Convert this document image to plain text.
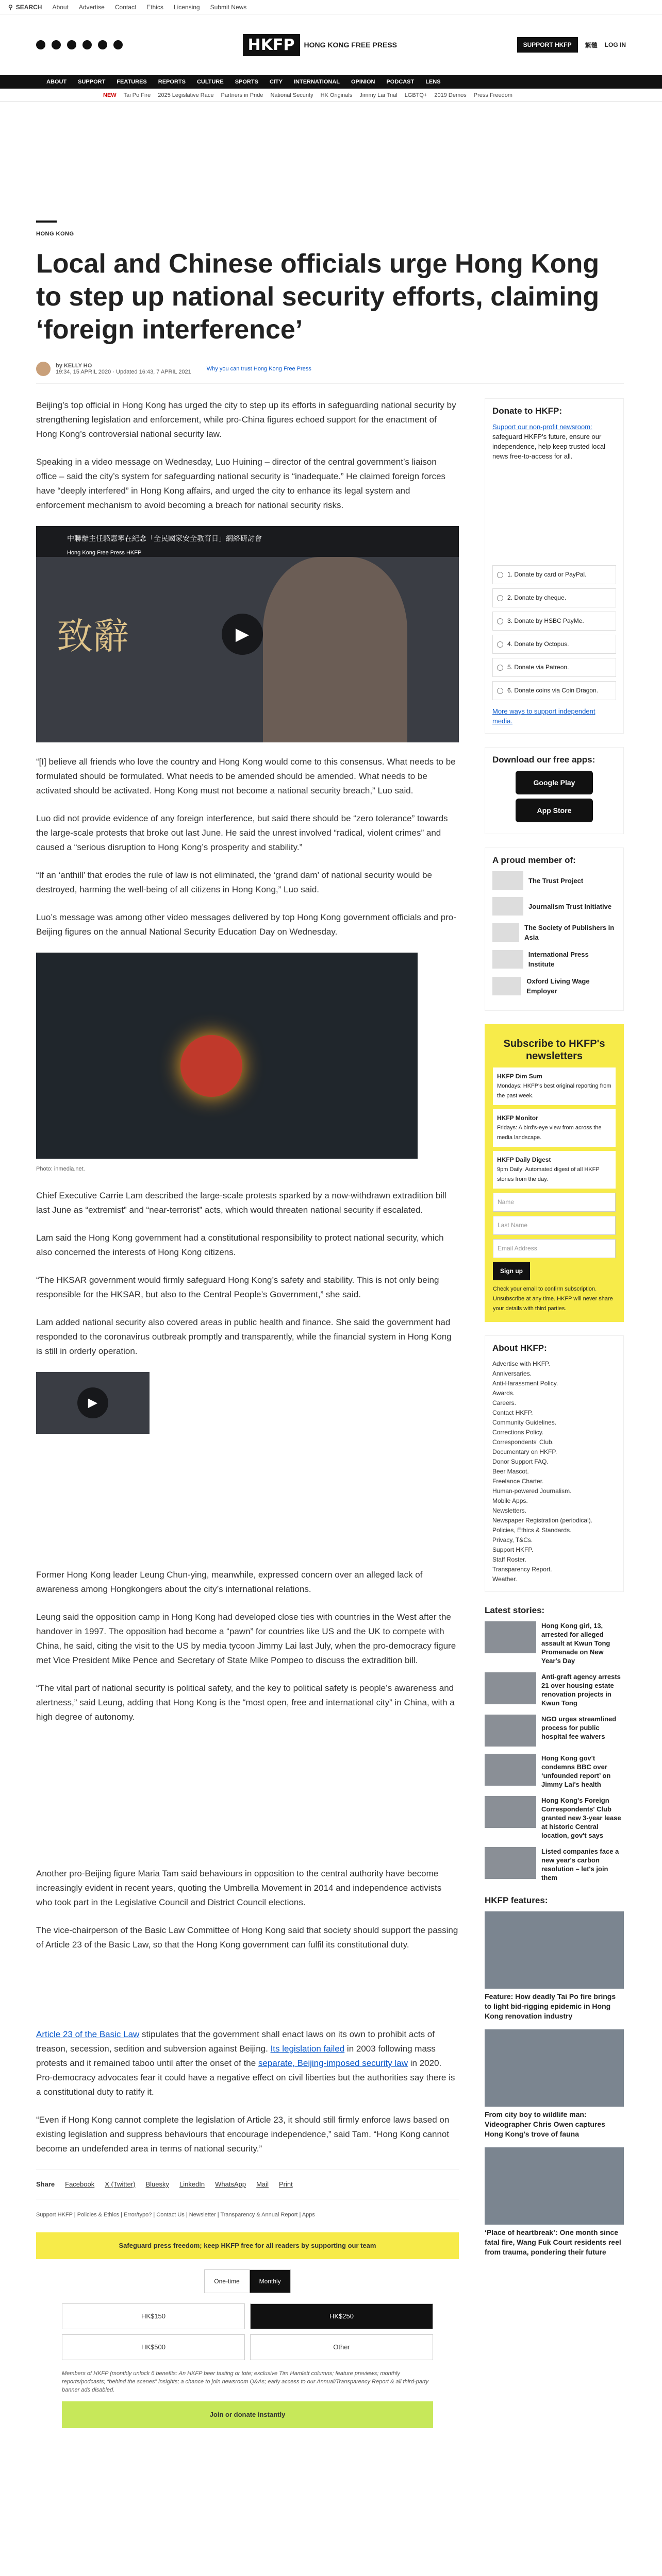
⚲ SEARCH About Advertise Contact Ethics Licensing Submit News
HKFP	HONG KONG FREE PRESS	SUPPORT HKFP	繁體 LOG IN
ABOUT SUPPORT FEATURES REPORTS CULTURE SPORTS CITY INTERNATIONAL OPINION PODCAST LENS
NEW Tai Po Fire 2025 Legislative Race Partners in Pride National Security HK Originals Jimmy Lai Trial LGBTQ+ 2019 Demos Press Freedom
HONG KONG
Local and Chinese officials urge Hong Kong to step up national security efforts, claiming ‘foreign interference’
by KELLY HO
19:34, 15 APRIL 2020 · Updated 16:43, 7 APRIL 2021	Why you can trust Hong Kong Free Press

Beijing’s top official in Hong Kong has urged the city to step up its efforts in safeguarding national security by strengthening legislation and enforcement, while pro-China figures echoed support for the enactment of Hong Kong’s controversial national security law.

Speaking in a video message on Wednesday, Luo Huining – director of the central government’s liaison office – said the city’s system for safeguarding national security is “inadequate.” He claimed foreign forces have “deeply interfered” in Hong Kong affairs, and urged the city to enhance its legal system and enforcement mechanism to avoid becoming a breach for national security risks.

中聯辦主任駱惠寧在紀念「全民國家安全教育日」網絡研討會
Hong Kong Free Press HKFP
致辭	▶

“[I] believe all friends who love the country and Hong Kong would come to this consensus. What needs to be formulated should be formulated. What needs to be amended should be amended. What needs to be activated should be activated. Hong Kong must not become a national security breach,” Luo said.

Luo did not provide evidence of any foreign interference, but said there should be “zero tolerance” towards the large-scale protests that broke out last June. He said the unrest involved “radical, violent crimes” and caused a “serious disruption to Hong Kong’s prosperity and stability.”

“If an ‘anthill’ that erodes the rule of law is not eliminated, the ‘grand dam’ of national security would be destroyed, harming the well-being of all citizens in Hong Kong,” Luo said.

Luo’s message was among other video messages delivered by top Hong Kong government officials and pro-Beijing figures on the annual National Security Education Day on Wednesday.

Photo: inmedia.net.

Chief Executive Carrie Lam described the large-scale protests sparked by a now-withdrawn extradition bill last June as “extremist” and “near-terrorist” acts, which would threaten national security if escalated.

Lam said the Hong Kong government had a constitutional responsibility to protect national security, which also concerned the interests of Hong Kong citizens.

“The HKSAR government would firmly safeguard Hong Kong’s safety and stability. This is not only being responsible for the HKSAR, but also to the Central People’s Government,” she said.

Lam added national security also covered areas in public health and finance. She said the government had responded to the coronavirus outbreak promptly and transparently, while the financial system in Hong Kong is still in orderly operation.

▶

Former Hong Kong leader Leung Chun-ying, meanwhile, expressed concern over an alleged lack of awareness among Hongkongers about the city’s international relations.

Leung said the opposition camp in Hong Kong had developed close ties with countries in the West after the handover in 1997. The opposition had become a “pawn” for countries like US and the UK to compete with China, he said, citing the visit to the US by media tycoon Jimmy Lai last July, when the pro-democracy figure met Vice President Mike Pence and Secretary of State Mike Pompeo to discuss the extradition bill.

“The vital part of national security is political safety, and the key to political safety is people’s awareness and alertness,” said Leung, adding that Hong Kong is the “most open, free and international city” in China, with a high degree of autonomy.

Another pro-Beijing figure Maria Tam said behaviours in opposition to the central authority have become increasingly evident in recent years, quoting the Umbrella Movement in 2014 and independence activists who took part in the Legislative Council and District Council elections.

The vice-chairperson of the Basic Law Committee of Hong Kong said that society should support the passing of Article 23 of the Basic Law, so that the Hong Kong government can fulfil its constitutional duty.

Article 23 of the Basic Law stipulates that the government shall enact laws on its own to prohibit acts of treason, secession, sedition and subversion against Beijing. Its legislation failed in 2003 following mass protests and it remained taboo until after the onset of the separate, Beijing-imposed security law in 2020. Pro-democracy advocates fear it could have a negative effect on civil liberties but the authorities say there is a constitutional duty to ratify it.

“Even if Hong Kong cannot complete the legislation of Article 23, it should still firmly enforce laws based on existing legislation and suppress behaviours that encourage independence,” said Tam. “Hong Kong cannot become an undefended area in terms of national security.”

Share Facebook X (Twitter) Bluesky LinkedIn WhatsApp Mail Print
Support HKFP | Policies & Ethics | Error/typo? | Contact Us | Newsletter | Transparency & Annual Report | Apps
Safeguard press freedom; keep HKFP free for all readers by supporting our team
One-time	Monthly
HK$150	HK$250
HK$500	Other
Members of HKFP (monthly unlock 6 benefits: An HKFP beer tasting or tote; exclusive Tim Hamlett columns; feature previews; monthly reports/podcasts; “behind the scenes” insights; a chance to join newsroom Q&As; early access to our Annual/Transparency Report & all third-party banner ads disabled.
Join or donate instantly
Donate to HKFP:

Support our non-profit newsroom: safeguard HKFP's future, ensure our independence, help keep trusted local news free-to-access for all.

1. Donate by card or PayPal.
2. Donate by cheque.
3. Donate by HSBC PayMe.
4. Donate by Octopus.
5. Donate via Patreon.
6. Donate coins via Coin Dragon.

More ways to support independent media.

Download our free apps:
Google Play
App Store
A proud member of:
The Trust Project
Journalism Trust Initiative
The Society of Publishers in Asia
International Press Institute
Oxford Living Wage Employer
Subscribe to HKFP's newsletters
HKFP Dim Sum
Mondays: HKFP's best original reporting from the past week.
HKFP Monitor
Fridays: A bird's-eye view from across the media landscape.
HKFP Daily Digest
9pm Daily: Automated digest of all HKFP stories from the day.
Name
Last Name
Email Address
Sign up

Check your email to confirm subscription. Unsubscribe at any time. HKFP will never share your details with third parties.

About HKFP:
Advertise with HKFP.
Anniversaries.
Anti-Harassment Policy.
Awards.
Careers.
Contact HKFP.
Community Guidelines.
Corrections Policy.
Correspondents' Club.
Documentary on HKFP.
Donor Support FAQ.
Beer Mascot.
Freelance Charter.
Human-powered Journalism.
Mobile Apps.
Newsletters.
Newspaper Registration (periodical).
Policies, Ethics & Standards.
Privacy, T&Cs.
Support HKFP.
Staff Roster.
Transparency Report.
Weather.
Latest stories:
Hong Kong girl, 13, arrested for alleged assault at Kwun Tong Promenade on New Year's Day
Anti-graft agency arrests 21 over housing estate renovation projects in Kwun Tong
NGO urges streamlined process for public hospital fee waivers
Hong Kong gov't condemns BBC over ‘unfounded report’ on Jimmy Lai's health
Hong Kong's Foreign Correspondents' Club granted new 3-year lease at historic Central location, gov't says
Listed companies face a new year's carbon resolution – let's join them
HKFP features:
Feature: How deadly Tai Po fire brings to light bid-rigging epidemic in Hong Kong renovation industry
From city boy to wildlife man: Videographer Chris Owen captures Hong Kong's trove of fauna
‘Place of heartbreak’: One month since fatal fire, Wang Fuk Court residents reel from trauma, pondering their future
